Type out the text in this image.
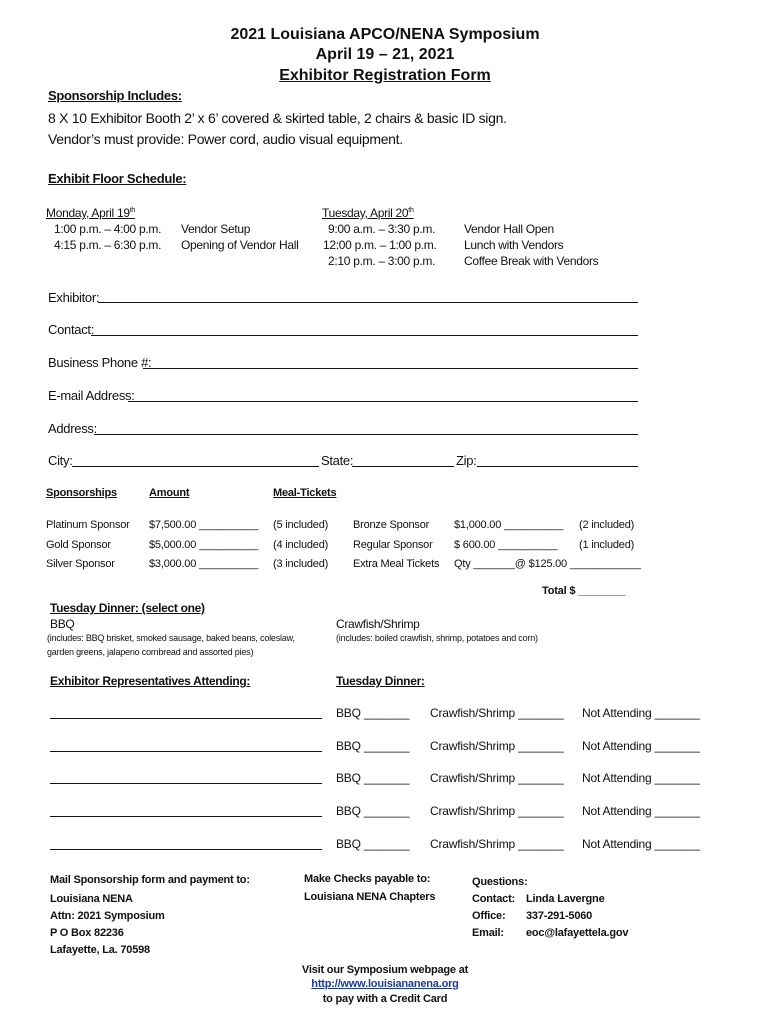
2021 Louisiana APCO/NENA Symposium
April 19 – 21, 2021
Exhibitor Registration Form
Sponsorship Includes:
8 X 10 Exhibitor Booth 2’ x 6’ covered & skirted table, 2 chairs & basic ID sign.
Vendor’s must provide: Power cord, audio visual equipment.
Exhibit Floor Schedule:
Monday, April 19th
1:00 p.m. – 4:00 p.m. Vendor Setup
4:15 p.m. – 6:30 p.m. Opening of Vendor Hall
Tuesday, April 20th
9:00 a.m. – 3:30 p.m. Vendor Hall Open
12:00 p.m. – 1:00 p.m. Lunch with Vendors
2:10 p.m. – 3:00 p.m. Coffee Break with Vendors
Exhibitor:
Contact:
Business Phone #:
E-mail Address:
Address:
City:	State:	Zip:
Sponsorships	Amount	Meal-Tickets
Platinum Sponsor $7,500.00 __________ (5 included) Bronze Sponsor $1,000.00 __________ (2 included)
Gold Sponsor	$5,000.00 __________ (4 included) Regular Sponsor $ 600.00 __________ (1 included)
Silver Sponsor	$3,000.00 __________ (3 included) Extra Meal Tickets Qty _______@ $125.00 ____________
Total $ ________
Tuesday Dinner: (select one)
BBQ
(includes: BBQ brisket, smoked sausage, baked beans, coleslaw,
garden greens, jalapeno cornbread and assorted pies)
Crawfish/Shrimp
(includes: boiled crawfish, shrimp, potatoes and corn)
Exhibitor Representatives Attending:	Tuesday Dinner:
BBQ _______ Crawfish/Shrimp _______ Not Attending _______
BBQ _______ Crawfish/Shrimp _______ Not Attending _______
BBQ _______ Crawfish/Shrimp _______ Not Attending _______
BBQ _______ Crawfish/Shrimp _______ Not Attending _______
BBQ _______ Crawfish/Shrimp _______ Not Attending _______
Mail Sponsorship form and payment to:
Louisiana NENA
Attn: 2021 Symposium
P O Box 82236
Lafayette, La. 70598
Make Checks payable to:
Louisiana NENA Chapters
Questions:
Contact: Linda Lavergne
Office: 337-291-5060
Email: eoc@lafayettela.gov
Visit our Symposium webpage at
http://www.louisiananena.org
to pay with a Credit Card
